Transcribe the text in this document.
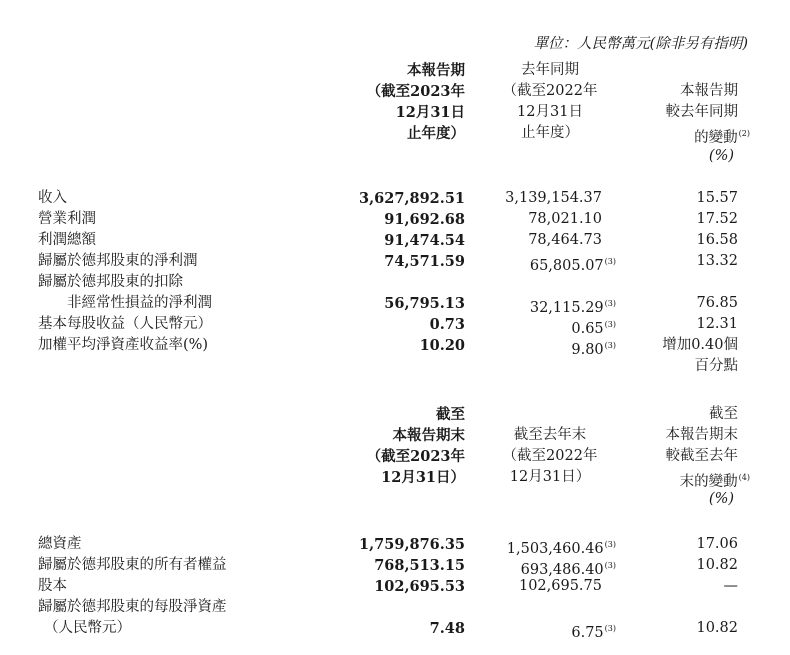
單位：人民幣萬元(除非另有指明)
本報告期
（截至2023年
12月31日
止年度）
去年同期
（截至2022年
12月31日
止年度）
本報告期
較去年同期
的變動$^{(2)}$
(%)
收入	3,627,892.51	3,139,154.37	15.57
營業利潤	91,692.68	78,021.10	17.52
利潤總額	91,474.54	78,464.73	16.58
歸屬於德邦股東的淨利潤	74,571.59	65,805.07$^{(3)}$	13.32
歸屬於德邦股東的扣除
非經常性損益的淨利潤	56,795.13	32,115.29$^{(3)}$	76.85
基本每股收益（人民幣元）	0.73	0.65$^{(3)}$	12.31
加權平均淨資產收益率(%)	10.20	9.80$^{(3)}$	增加0.40個
百分點
截至
本報告期末
（截至2023年
12月31日）
截至去年末
（截至2022年
12月31日）
截至
本報告期末
較截至去年
末的變動$^{(4)}$
(%)
總資產	1,759,876.35	1,503,460.46$^{(3)}$	17.06
歸屬於德邦股東的所有者權益	768,513.15	693,486.40$^{(3)}$	10.82
股本	102,695.53	102,695.75	—
歸屬於德邦股東的每股淨資產
（人民幣元）	7.48	6.75$^{(3)}$	10.82
